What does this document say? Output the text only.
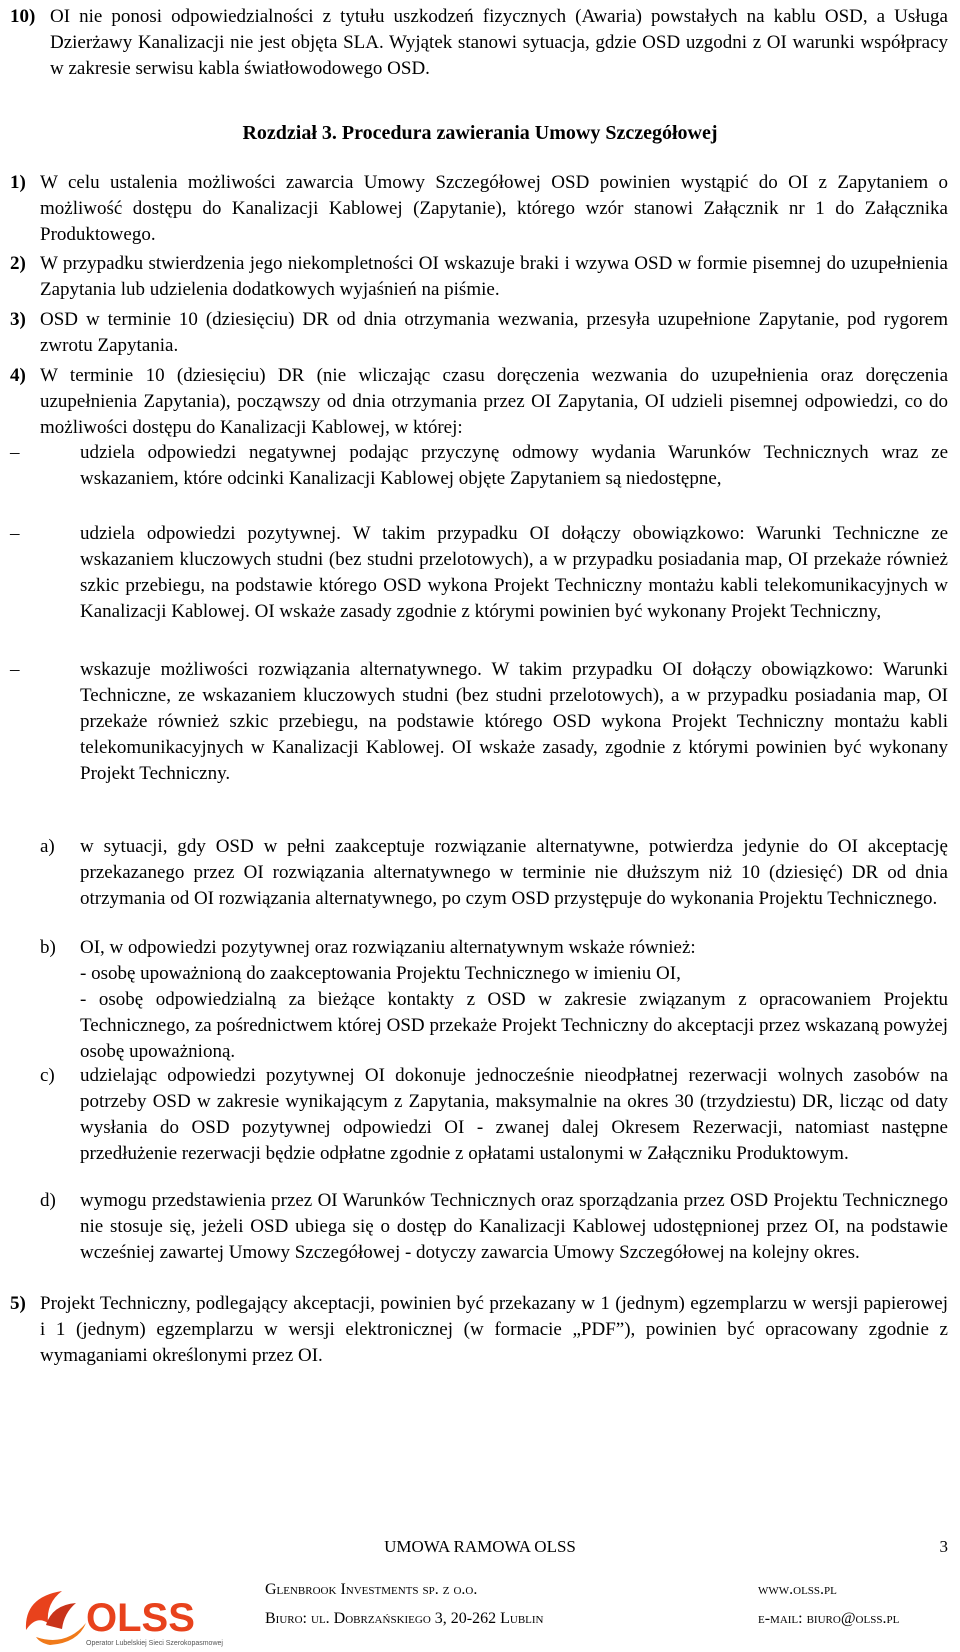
10) OI nie ponosi odpowiedzialności z tytułu uszkodzeń fizycznych (Awaria) powstałych na kablu OSD, a Usługa Dzierżawy Kanalizacji nie jest objęta SLA. Wyjątek stanowi sytuacja, gdzie OSD uzgodni z OI warunki współpracy w zakresie serwisu kabla światłowodowego OSD.
Rozdział 3. Procedura zawierania Umowy Szczegółowej
1) W celu ustalenia możliwości zawarcia Umowy Szczegółowej OSD powinien wystąpić do OI z Zapytaniem o możliwość dostępu do Kanalizacji Kablowej (Zapytanie), którego wzór stanowi Załącznik nr 1 do Załącznika Produktowego.
2) W przypadku stwierdzenia jego niekompletności OI wskazuje braki i wzywa OSD w formie pisemnej do uzupełnienia Zapytania lub udzielenia dodatkowych wyjaśnień na piśmie.
3) OSD w terminie 10 (dziesięciu) DR od dnia otrzymania wezwania, przesyła uzupełnione Zapytanie, pod rygorem zwrotu Zapytania.
4) W terminie 10 (dziesięciu) DR (nie wliczając czasu doręczenia wezwania do uzupełnienia oraz doręczenia uzupełnienia Zapytania), począwszy od dnia otrzymania przez OI Zapytania, OI udzieli pisemnej odpowiedzi, co do możliwości dostępu do Kanalizacji Kablowej, w której:
–	udziela odpowiedzi negatywnej podając przyczynę odmowy wydania Warunków Technicznych wraz ze wskazaniem, które odcinki Kanalizacji Kablowej objęte Zapytaniem są niedostępne,
–	udziela odpowiedzi pozytywnej. W takim przypadku OI dołączy obowiązkowo: Warunki Techniczne ze wskazaniem kluczowych studni (bez studni przelotowych), a w przypadku posiadania map, OI przekaże również szkic przebiegu, na podstawie którego OSD wykona Projekt Techniczny montażu kabli telekomunikacyjnych w Kanalizacji Kablowej. OI wskaże zasady zgodnie z którymi powinien być wykonany Projekt Techniczny,
–	wskazuje możliwości rozwiązania alternatywnego. W takim przypadku OI dołączy obowiązkowo: Warunki Techniczne, ze wskazaniem kluczowych studni (bez studni przelotowych), a w przypadku posiadania map, OI przekaże również szkic przebiegu, na podstawie którego OSD wykona Projekt Techniczny montażu kabli telekomunikacyjnych w Kanalizacji Kablowej. OI wskaże zasady, zgodnie z którymi powinien być wykonany Projekt Techniczny.
a) w sytuacji, gdy OSD w pełni zaakceptuje rozwiązanie alternatywne, potwierdza jedynie do OI akceptację przekazanego przez OI rozwiązania alternatywnego w terminie nie dłuższym niż 10 (dziesięć) DR od dnia otrzymania od OI rozwiązania alternatywnego, po czym OSD przystępuje do wykonania Projektu Technicznego.
b) OI, w odpowiedzi pozytywnej oraz rozwiązaniu alternatywnym wskaże również:
- osobę upoważnioną do zaakceptowania Projektu Technicznego w imieniu OI,
- osobę odpowiedzialną za bieżące kontakty z OSD w zakresie związanym z opracowaniem Projektu Technicznego, za pośrednictwem której OSD przekaże Projekt Techniczny do akceptacji przez wskazaną powyżej osobę upoważnioną.
c) udzielając odpowiedzi pozytywnej OI dokonuje jednocześnie nieodpłatnej rezerwacji wolnych zasobów na potrzeby OSD w zakresie wynikającym z Zapytania, maksymalnie na okres 30 (trzydziestu) DR, licząc od daty wysłania do OSD pozytywnej odpowiedzi OI - zwanej dalej Okresem Rezerwacji, natomiast następne przedłużenie rezerwacji będzie odpłatne zgodnie z opłatami ustalonymi w Załączniku Produktowym.
d) wymogu przedstawienia przez OI Warunków Technicznych oraz sporządzania przez OSD Projektu Technicznego nie stosuje się, jeżeli OSD ubiega się o dostęp do Kanalizacji Kablowej udostępnionej przez OI, na podstawie wcześniej zawartej Umowy Szczegółowej - dotyczy zawarcia Umowy Szczegółowej na kolejny okres.
5) Projekt Techniczny, podlegający akceptacji, powinien być przekazany w 1 (jednym) egzemplarzu w wersji papierowej i 1 (jednym) egzemplarzu w wersji elektronicznej (w formacie „PDF”), powinien być opracowany zgodnie z wymaganiami określonymi przez OI.
UMOWA RAMOWA OLSS	3
OLSS
Operator Lubelskiej Sieci Szerokopasmowej
Glenbrook Investments sp. z o.o.
Biuro: ul. Dobrzańskiego 3, 20-262 Lublin
www.olss.pl
e-mail: biuro@olss.pl
